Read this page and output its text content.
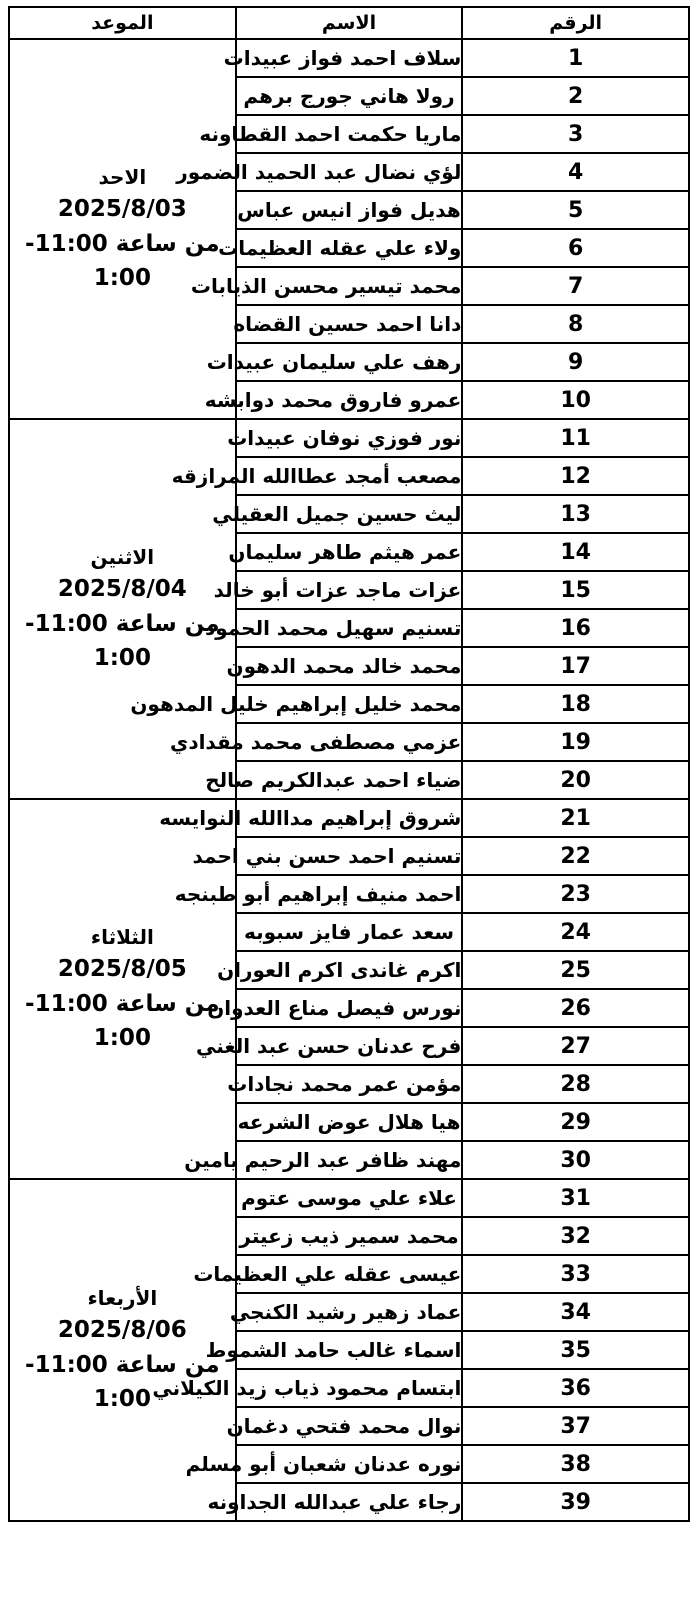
الرقم	الاسم	الموعد
1	سلاف احمد فواز عبيدات	الاحد
2025/8/03
من ساعة 11:00-1:00

2	رولا هاني جورج برهم	
3	ماريا حكمت احمد القطاونه	
4	لؤي نضال عبد الحميد الضمور	
5	هديل فواز انيس عباس	
6	ولاء علي عقله العظيمات	
7	محمد تيسير محسن الذيابات	
8	دانا احمد حسين القضاه	
9	رهف علي سليمان عبيدات	
10	عمرو فاروق محمد دوابشه	
11	نور فوزي نوفان عبيدات	الاثنين
2025/8/04
من ساعة 11:00-1:00

12	مصعب أمجد عطاالله المرازقه	
13	ليث حسين جميل العقيلي	
14	عمر هيثم طاهر سليمان	
15	عزات ماجد عزات أبو خالد	
16	تسنيم سهيل محمد الحمود	
17	محمد خالد محمد الدهون	
18	محمد خليل إبراهيم خليل المدهون	
19	عزمي مصطفى محمد مقدادي	
20	ضياء احمد عبدالكريم صالح	
21	شروق إبراهيم مداالله النوايسه	الثلاثاء
2025/8/05
من ساعة 11:00-1:00

22	تسنيم احمد حسن بني احمد	
23	احمد منيف إبراهيم أبو طبنجه	
24	سعد عمار فايز سبوبه	
25	اكرم غاندى اكرم العوران	
26	نورس فيصل مناع العدوان	
27	فرح عدنان حسن عبد الغني	
28	مؤمن عمر محمد نجادات	
29	هيا هلال عوض الشرعه	
30	مهند ظافر عبد الرحيم يامين	
31	علاء علي موسى عتوم	الأربعاء
2025/8/06
من ساعة 11:00-1:00

32	محمد سمير ذيب زعيتر	
33	عيسى عقله علي العظيمات	
34	عماد زهير رشيد الكنجي	
35	اسماء غالب حامد الشموط	
36	ابتسام محمود ذياب زيد الكيلاني	
37	نوال محمد فتحي دغمان	
38	نوره عدنان شعبان أبو مسلم	
39	رجاء علي عبدالله الجداونه	
